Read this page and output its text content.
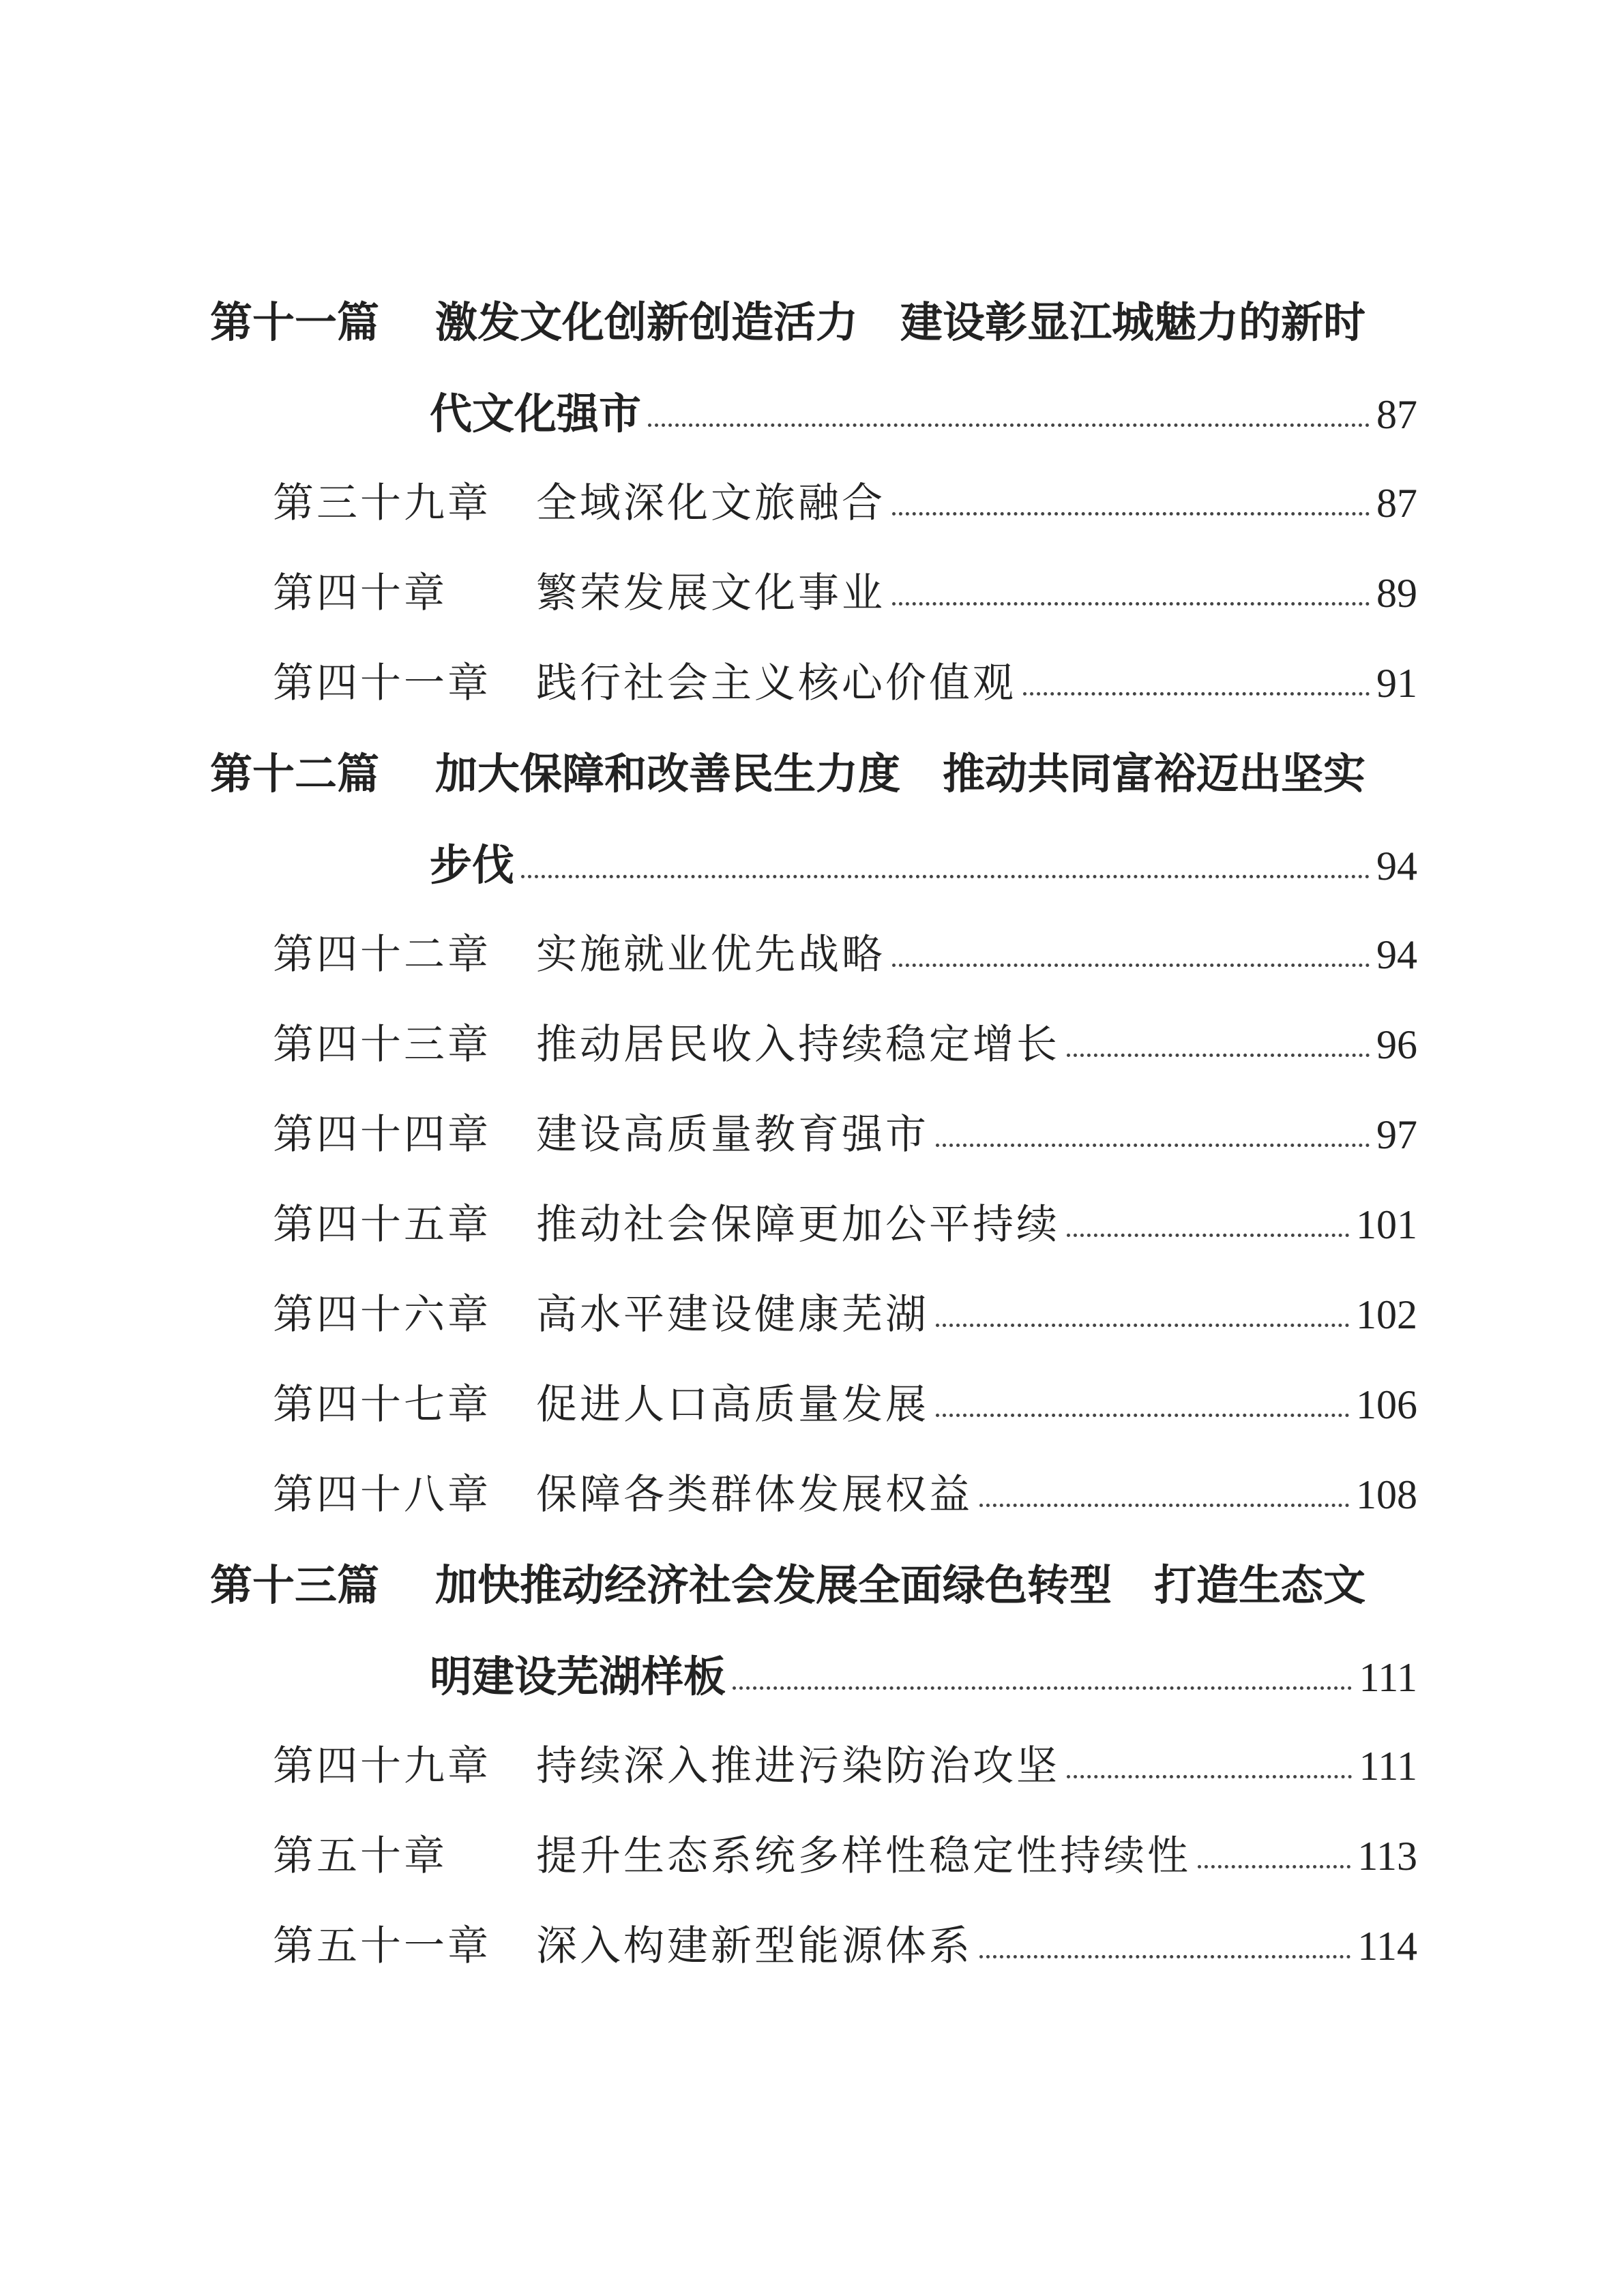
第十一篇	激发文化创新创造活力　建设彰显江城魅力的新时
代文化强市	87
第三十九章	全域深化文旅融合	87
第四十章	繁荣发展文化事业	89
第四十一章	践行社会主义核心价值观	91
第十二篇	加大保障和改善民生力度　推动共同富裕迈出坚实
步伐	94
第四十二章	实施就业优先战略	94
第四十三章	推动居民收入持续稳定增长	96
第四十四章	建设高质量教育强市	97
第四十五章	推动社会保障更加公平持续	101
第四十六章	高水平建设健康芜湖	102
第四十七章	促进人口高质量发展	106
第四十八章	保障各类群体发展权益	108
第十三篇	加快推动经济社会发展全面绿色转型　打造生态文
明建设芜湖样板	111
第四十九章	持续深入推进污染防治攻坚	111
第五十章	提升生态系统多样性稳定性持续性	113
第五十一章	深入构建新型能源体系	114
